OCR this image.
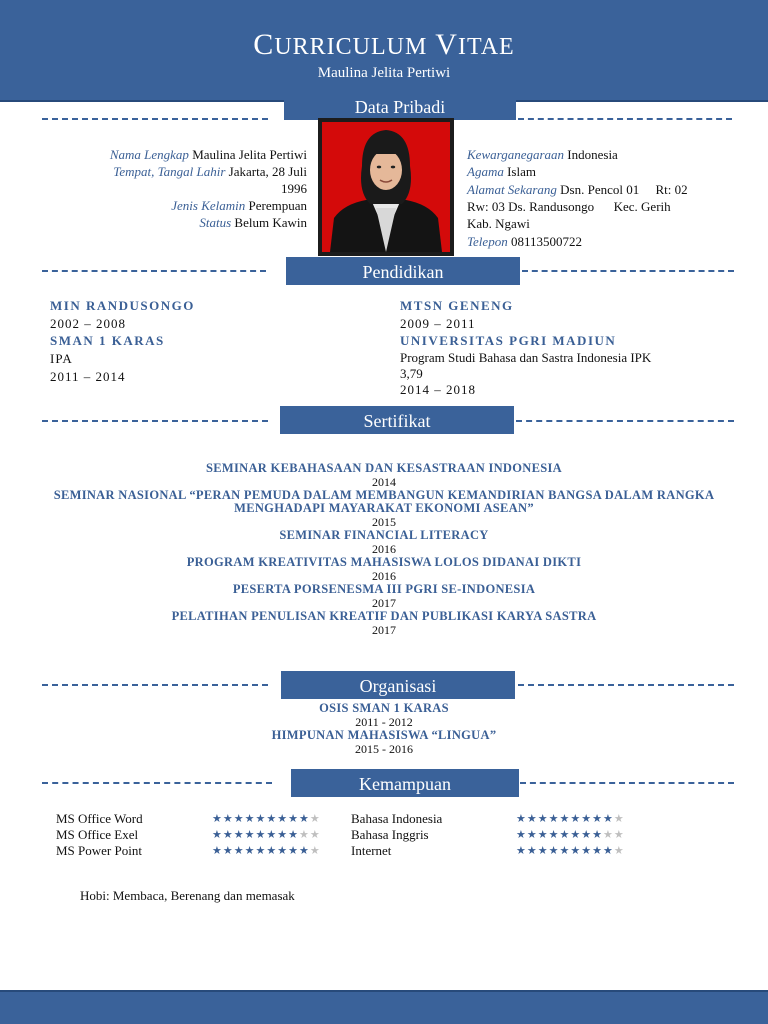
CURRICULUM VITAE
Maulina Jelita Pertiwi
Data Pribadi
Nama Lengkap Maulina Jelita Pertiwi
Tempat, Tangal Lahir Jakarta, 28 Juli
1996
Jenis Kelamin Perempuan
Status Belum Kawin
Kewarganegaraan Indonesia
Agama Islam
Alamat Sekarang Dsn. Pencol 01     Rt: 02
Rw: 03 Ds. Randusongo      Kec. Gerih
Kab. Ngawi
Telepon 08113500722
Pendidikan
MIN RANDUSONGO
2002 – 2008
SMAN 1 KARAS
IPA
2011 – 2014
MTSN GENENG
2009 – 2011
UNIVERSITAS PGRI MADIUN
Program Studi Bahasa dan Sastra Indonesia IPK
3,79
2014 – 2018
Sertifikat
SEMINAR KEBAHASAAN DAN KESASTRAAN INDONESIA
2014
SEMINAR NASIONAL “PERAN PEMUDA DALAM MEMBANGUN KEMANDIRIAN BANGSA DALAM RANGKA MENGHADAPI MAYARAKAT EKONOMI ASEAN”
2015
SEMINAR FINANCIAL LITERACY
2016
PROGRAM KREATIVITAS MAHASISWA LOLOS DIDANAI DIKTI
2016
PESERTA PORSENESMA III PGRI SE-INDONESIA
2017
PELATIHAN PENULISAN KREATIF DAN PUBLIKASI KARYA SASTRA
2017
Organisasi
OSIS SMAN 1 KARAS
2011 - 2012
HIMPUNAN MAHASISWA “LINGUA”
2015 - 2016
Kemampuan
MS Office Word	★★★★★★★★★★
MS Office Exel	★★★★★★★★★★
MS Power Point	★★★★★★★★★★
Bahasa Indonesia	★★★★★★★★★★
Bahasa Inggris	★★★★★★★★★★
Internet	★★★★★★★★★★
Hobi: Membaca, Berenang dan memasak
